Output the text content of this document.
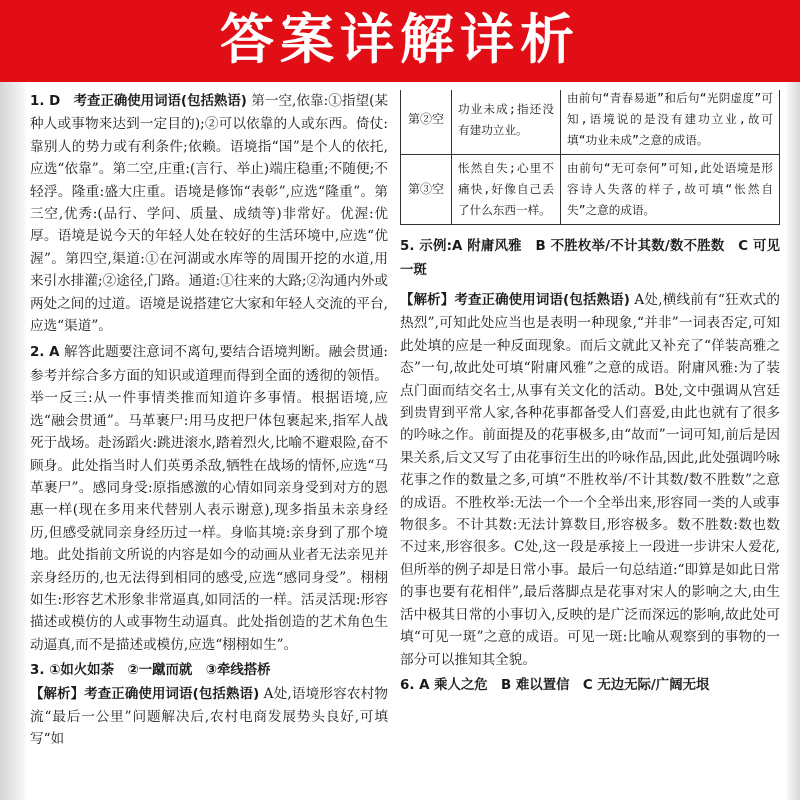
答案详解详析

1. D　考查正确使用词语(包括熟语) 第一空,依靠:①指望(某种人或事物来达到一定目的);②可以依靠的人或东西。倚仗:靠别人的势力或有利条件;依赖。语境指“国”是个人的依托,应选“依靠”。第二空,庄重:(言行、举止)端庄稳重;不随便;不轻浮。隆重:盛大庄重。语境是修饰“表彰”,应选“隆重”。第三空,优秀:(品行、学问、质量、成绩等)非常好。优渥:优厚。语境是说今天的年轻人处在较好的生活环境中,应选“优渥”。第四空,渠道:①在河湖或水库等的周围开挖的水道,用来引水排灌;②途径,门路。通道:①往来的大路;②沟通内外或两处之间的过道。语境是说搭建它大家和年轻人交流的平台,应选“渠道”。

2. A 解答此题要注意词不离句,要结合语境判断。融会贯通:参考并综合多方面的知识或道理而得到全面的透彻的领悟。举一反三:从一件事情类推而知道许多事情。根据语境,应选“融会贯通”。马革裹尸:用马皮把尸体包裹起来,指军人战死于战场。赴汤蹈火:跳进滚水,踏着烈火,比喻不避艰险,奋不顾身。此处指当时人们英勇杀敌,牺牲在战场的情怀,应选“马革裹尸”。感同身受:原指感激的心情如同亲身受到对方的恩惠一样(现在多用来代替别人表示谢意),现多指虽未亲身经历,但感受就同亲身经历过一样。身临其境:亲身到了那个境地。此处指前文所说的内容是如今的动画从业者无法亲见并亲身经历的,也无法得到相同的感受,应选“感同身受”。栩栩如生:形容艺术形象非常逼真,如同活的一样。活灵活现:形容描述或模仿的人或事物生动逼真。此处指创造的艺术角色生动逼真,而不是描述或模仿,应选“栩栩如生”。

3. ①如火如荼　②一蹴而就　③牵线搭桥

【解析】考查正确使用词语(包括熟语) A处,语境形容农村物流“最后一公里”问题解决后,农村电商发展势头良好,可填写“如

第②空	功业未成;指还没有建功立业。	由前句“青春易逝”和后句“光阴虚度”可知,语境说的是没有建功立业,故可填“功业未成”之意的成语。
第③空	怅然自失;心里不痛快,好像自己丢了什么东西一样。	由前句“无可奈何”可知,此处语境是形容诗人失落的样子,故可填“怅然自失”之意的成语。

5. 示例:A 附庸风雅　B 不胜枚举/不计其数/数不胜数　C 可见一斑

【解析】考查正确使用词语(包括熟语) A处,横线前有“狂欢式的热烈”,可知此处应当也是表明一种现象,“并非”一词表否定,可知此处填的应是一种反面现象。而后文就此又补充了“佯装高雅之态”一句,故此处可填“附庸风雅”之意的成语。附庸风雅:为了装点门面而结交名士,从事有关文化的活动。B处,文中强调从宫廷到贵胄到平常人家,各种花事都备受人们喜爱,由此也就有了很多的吟咏之作。前面提及的花事极多,由“故而”一词可知,前后是因果关系,后文又写了由花事衍生出的吟咏作品,因此,此处强调吟咏花事之作的数量之多,可填“不胜枚举/不计其数/数不胜数”之意的成语。不胜枚举:无法一个一个全举出来,形容同一类的人或事物很多。不计其数:无法计算数目,形容极多。数不胜数:数也数不过来,形容很多。C处,这一段是承接上一段进一步讲宋人爱花,但所举的例子却是日常小事。最后一句总结道:“即算是如此日常的事也要有花相伴”,最后落脚点是花事对宋人的影响之大,由生活中极其日常的小事切入,反映的是广泛而深远的影响,故此处可填“可见一斑”之意的成语。可见一斑:比喻从观察到的事物的一部分可以推知其全貌。

6. A 乘人之危　B 难以置信　C 无边无际/广阔无垠
